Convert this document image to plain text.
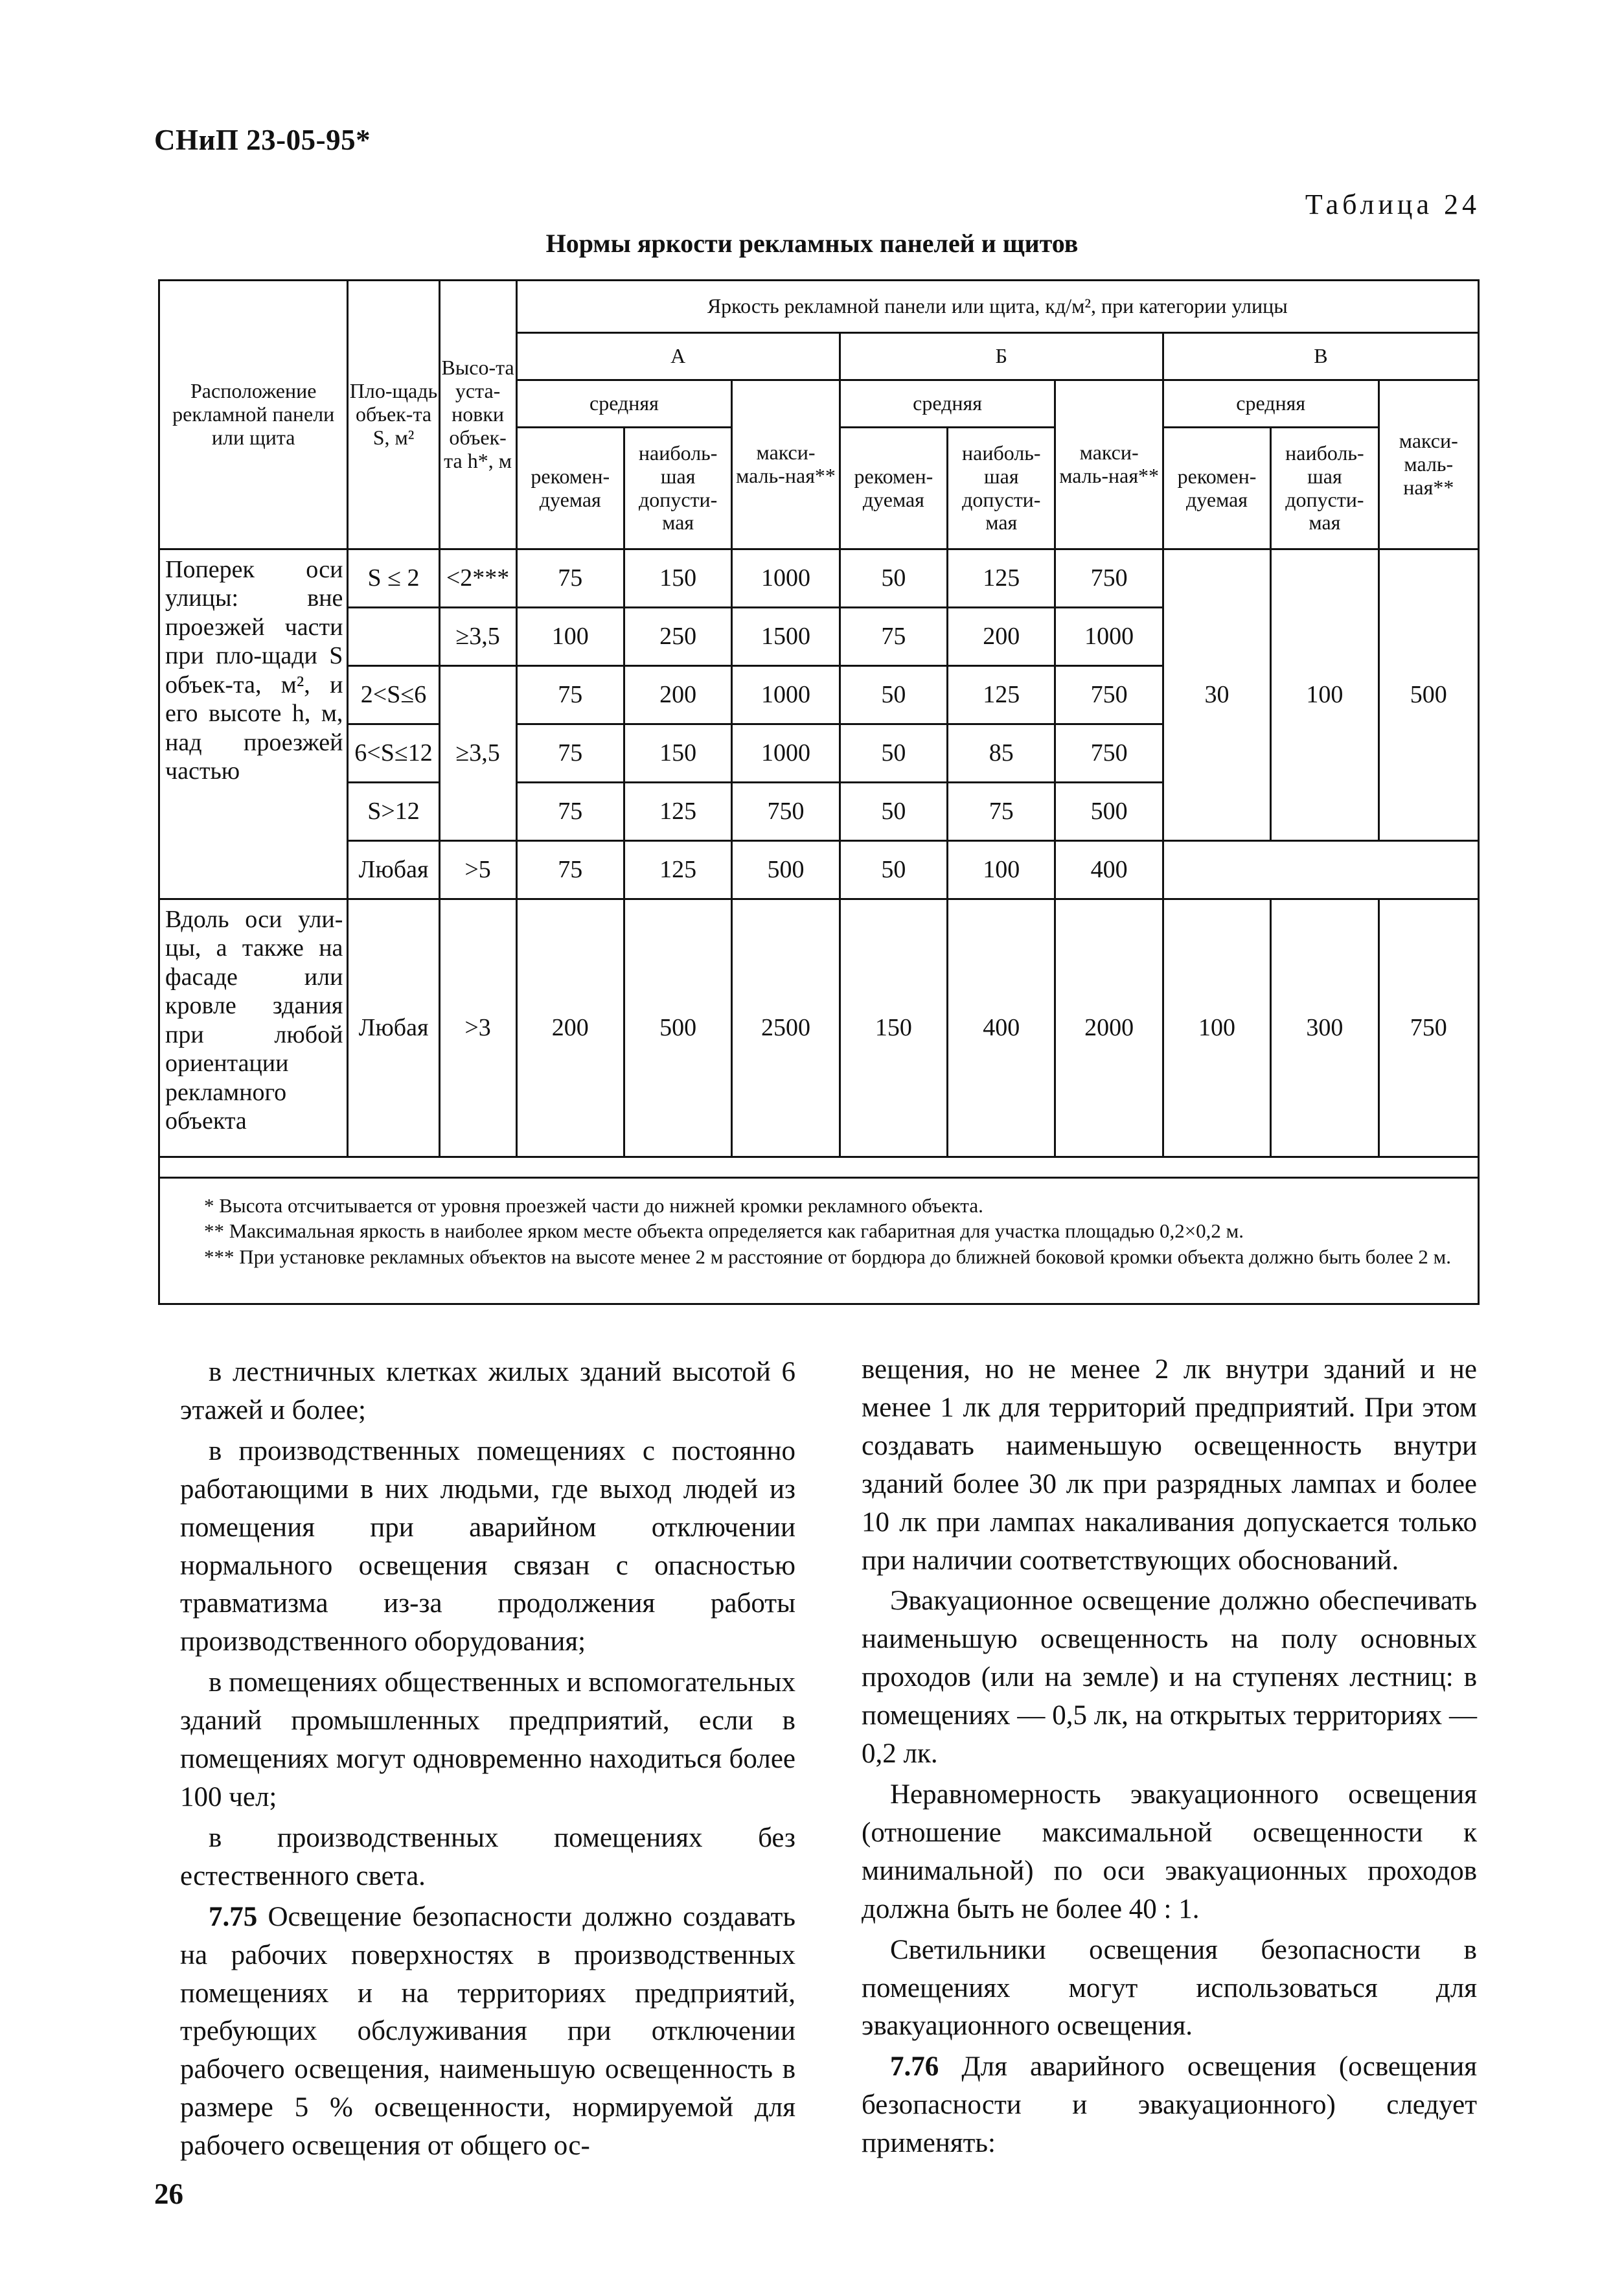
СНиП 23-05-95*
Таблица 24
Нормы яркости рекламных панелей и щитов
Расположение рекламной панели или щита	Пло-щадь объек-та S, м²	Высо-та уста-новки объек-та h*, м	Яркость рекламной панели или щита, кд/м², при категории улицы								
			А			Б			В		
			средняя		макси-маль-ная**	средняя		макси-маль-ная**	средняя		макси-маль-ная**
			рекомен-дуемая	наиболь-шая допусти-мая		рекомен-дуемая	наиболь-шая допусти-мая		рекомен-дуемая	наиболь-шая допусти-мая	
Поперек оси улицы: вне проезжей части при пло-щади S объек-та, м², и его высоте h, м, над проезжей частью	S ≤ 2	<2***	75	150	1000	50	125	750	30	100	500
		≥3,5	100	250	1500	75	200	1000			
	2<S≤6	≥3,5	75	200	1000	50	125	750			
	6<S≤12		75	150	1000	50	85	750			
	S>12		75	125	750	50	75	500			
	Любая	>5	75	125	500	50	100	400			
Вдоль оси ули-цы, а также на фасаде или кровле здания при любой ориентации рекламного объекта	Любая	>3	200	500	2500	150	400	2000	100	300	750

* Высота отсчитывается от уровня проезжей части до нижней кромки рекламного объекта.
** Максимальная яркость в наиболее ярком месте объекта определяется как габаритная для участка площадью 0,2×0,2 м.
*** При установке рекламных объектов на высоте менее 2 м расстояние от бордюра до ближней боковой кромки объекта должно быть более 2 м.											

в лестничных клетках жилых зданий высотой 6 этажей и более;

в производственных помещениях с постоянно работающими в них людьми, где выход людей из помещения при аварийном отключении нормального освещения связан с опасностью травматизма из-за продолжения работы производственного оборудования;

в помещениях общественных и вспомогательных зданий промышленных предприятий, если в помещениях могут одновременно находиться более 100 чел;

в производственных помещениях без естественного света.

7.75 Освещение безопасности должно создавать на рабочих поверхностях в производственных помещениях и на территориях предприятий, требующих обслуживания при отключении рабочего освещения, наименьшую освещенность в размере 5 % освещенности, нормируемой для рабочего освещения от общего ос-

вещения, но не менее 2 лк внутри зданий и не менее 1 лк для территорий предприятий. При этом создавать наименьшую освещенность внутри зданий более 30 лк при разрядных лампах и более 10 лк при лампах накаливания допускается только при наличии соответствующих обоснований.

Эвакуационное освещение должно обеспечивать наименьшую освещенность на полу основных проходов (или на земле) и на ступенях лестниц: в помещениях — 0,5 лк, на открытых территориях — 0,2 лк.

Неравномерность эвакуационного освещения (отношение максимальной освещенности к минимальной) по оси эвакуационных проходов должна быть не более 40 : 1.

Светильники освещения безопасности в помещениях могут использоваться для эвакуационного освещения.

7.76 Для аварийного освещения (освещения безопасности и эвакуационного) следует применять:

26
